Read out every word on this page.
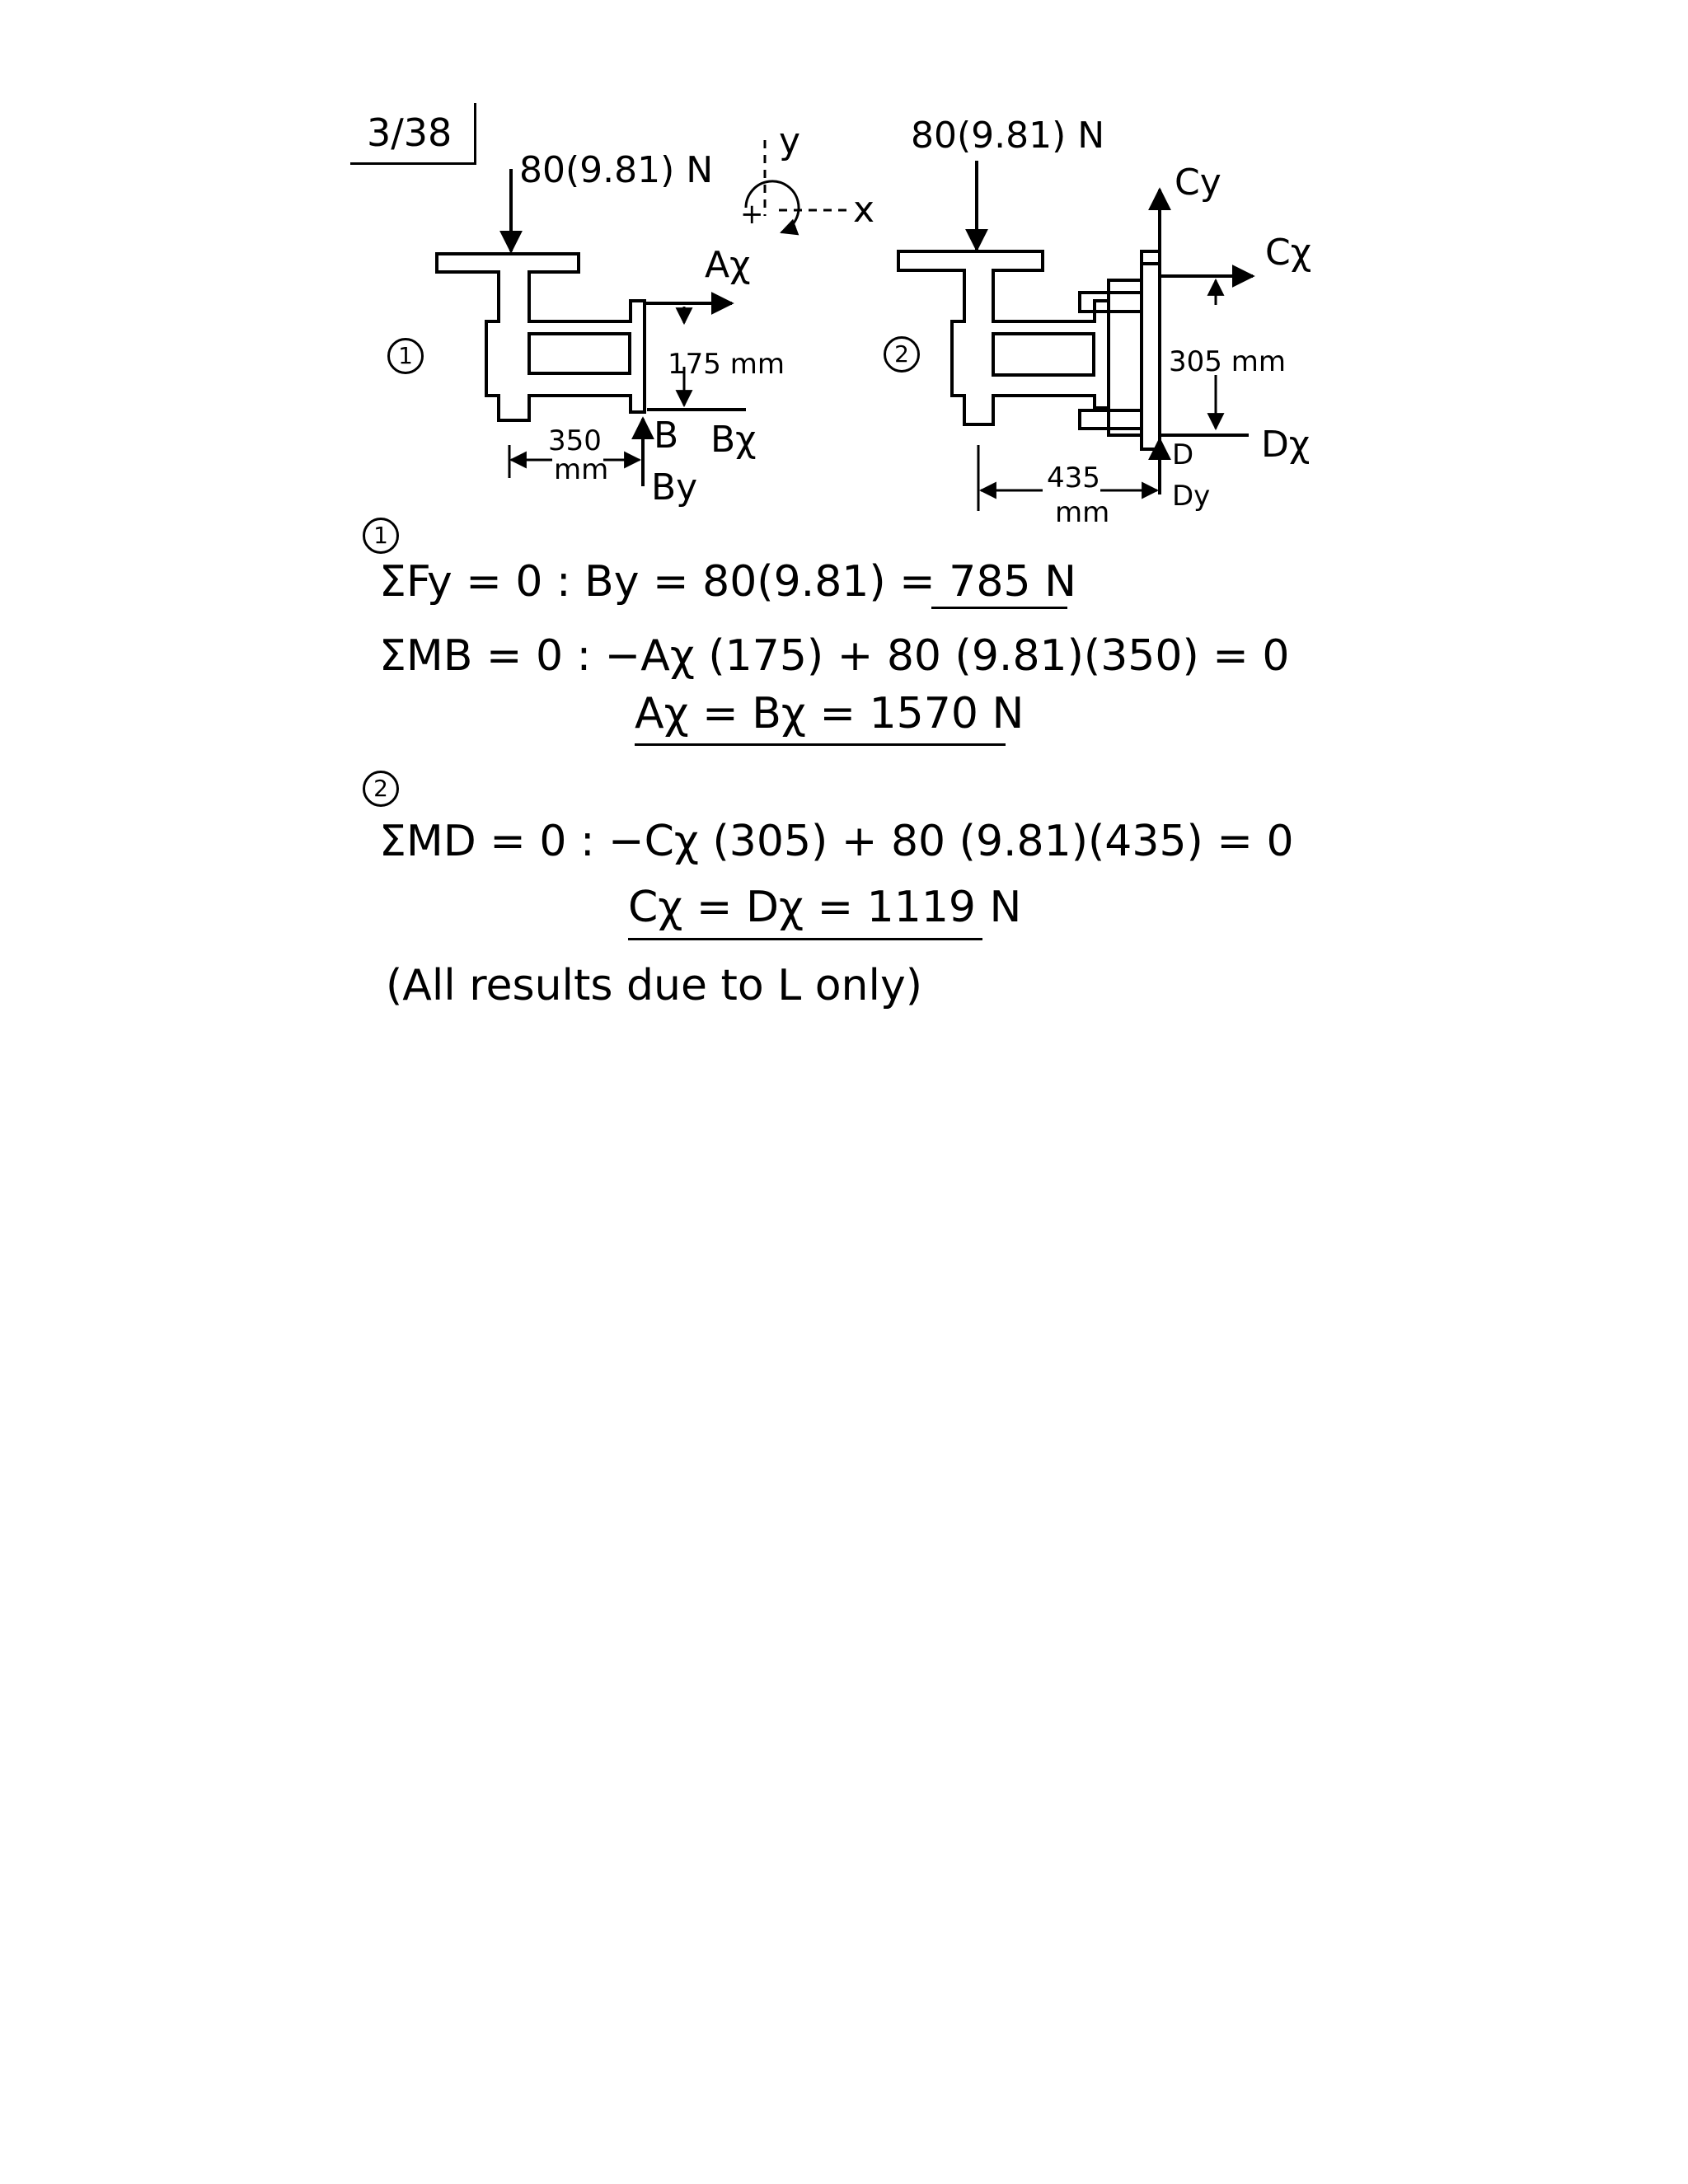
3/38
1
80(9.81) N
Aχ
175 mm
350
mm
B Bχ
By
y
x
+
2
80(9.81) N
Cy
Cχ
305 mm
435
mm
D Dχ
Dy
1
ΣFy = 0 : By = 80(9.81) = 785 N
ΣMB = 0 : −Aχ (175) + 80 (9.81)(350) = 0
Aχ = Bχ = 1570 N
2
ΣMD = 0 : −Cχ (305) + 80 (9.81)(435) = 0
Cχ = Dχ = 1119 N
(All results due to L only)
